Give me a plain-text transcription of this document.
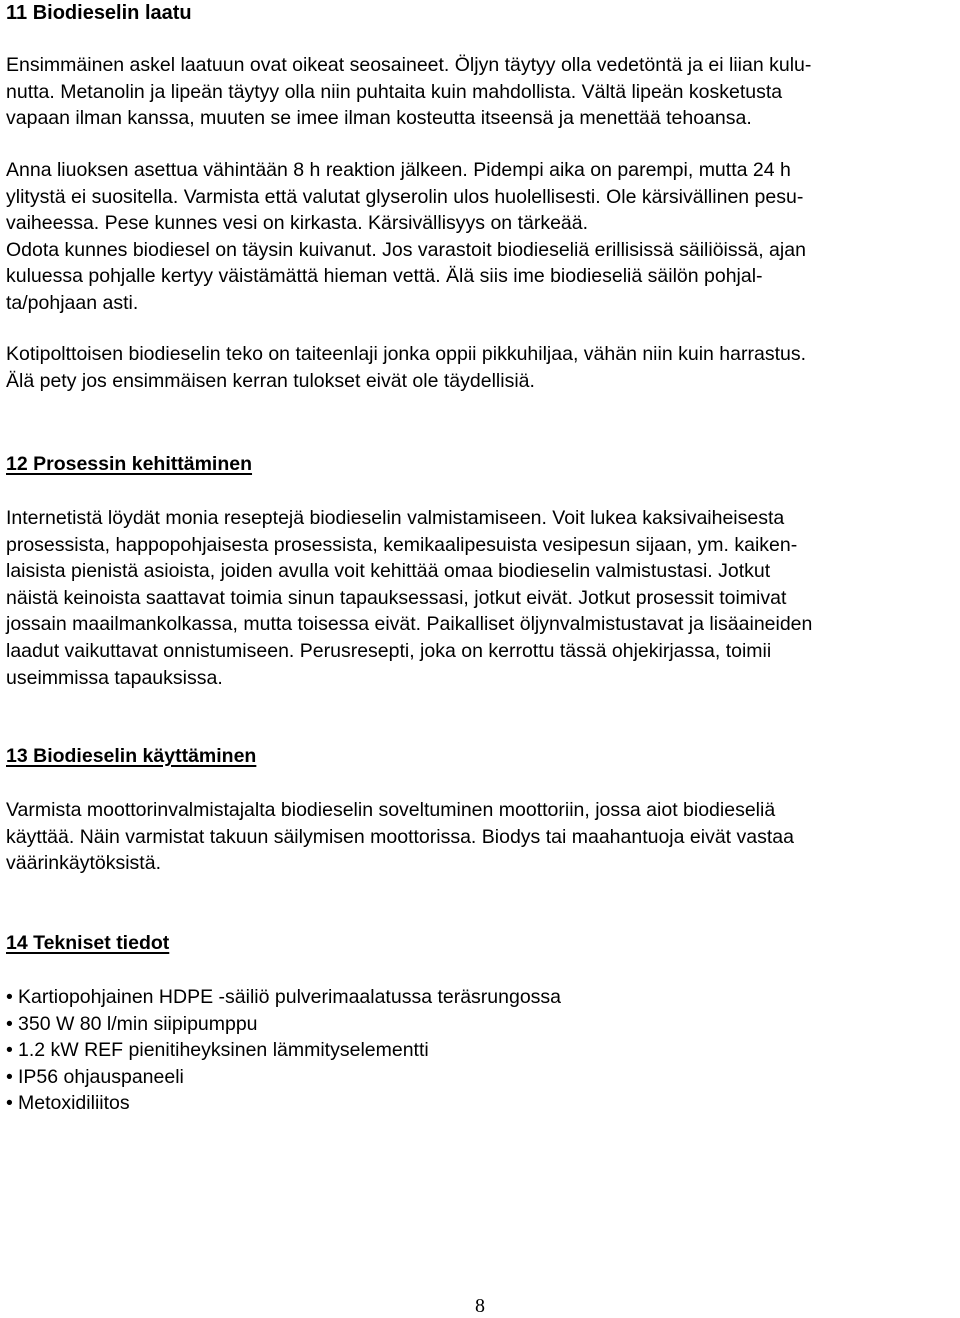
11 Biodieselin laatu

Ensimmäinen askel laatuun ovat oikeat seosaineet. Öljyn täytyy olla vedetöntä ja ei liian kulu-
nutta. Metanolin ja lipeän täytyy olla niin puhtaita kuin mahdollista. Vältä lipeän kosketusta
vapaan ilman kanssa, muuten se imee ilman kosteutta itseensä ja menettää tehoansa.

Anna liuoksen asettua vähintään 8 h reaktion jälkeen. Pidempi aika on parempi, mutta 24 h
ylitystä ei suositella. Varmista että valutat glyserolin ulos huolellisesti. Ole kärsivällinen pesu-
vaiheessa. Pese kunnes vesi on kirkasta. Kärsivällisyys on tärkeää.
Odota kunnes biodiesel on täysin kuivanut. Jos varastoit biodieseliä erillisissä säiliöissä, ajan
kuluessa pohjalle kertyy väistämättä hieman vettä. Älä siis ime biodieseliä säilön pohjal-
ta/pohjaan asti.

Kotipolttoisen biodieselin teko on taiteenlaji jonka oppii pikkuhiljaa, vähän niin kuin harrastus.
Älä pety jos ensimmäisen kerran tulokset eivät ole täydellisiä.

12 Prosessin kehittäminen

Internetistä löydät monia reseptejä biodieselin valmistamiseen. Voit lukea kaksivaiheisesta
prosessista, happopohjaisesta prosessista, kemikaalipesuista vesipesun sijaan, ym. kaiken-
laisista pienistä asioista, joiden avulla voit kehittää omaa biodieselin valmistustasi. Jotkut
näistä keinoista saattavat toimia sinun tapauksessasi, jotkut eivät. Jotkut prosessit toimivat
jossain maailmankolkassa, mutta toisessa eivät. Paikalliset öljynvalmistustavat ja lisäaineiden
laadut vaikuttavat onnistumiseen. Perusresepti, joka on kerrottu tässä ohjekirjassa, toimii
useimmissa tapauksissa.

13 Biodieselin käyttäminen

Varmista moottorinvalmistajalta biodieselin soveltuminen moottoriin, jossa aiot biodieseliä
käyttää. Näin varmistat takuun säilymisen moottorissa. Biodys tai maahantuoja eivät vastaa
väärinkäytöksistä.

14 Tekniset tiedot
• Kartiopohjainen HDPE -säiliö pulverimaalatussa teräsrungossa
• 350 W 80 l/min siipipumppu
• 1.2 kW REF pienitiheyksinen lämmityselementti
• IP56 ohjauspaneeli
• Metoxidiliitos
8
